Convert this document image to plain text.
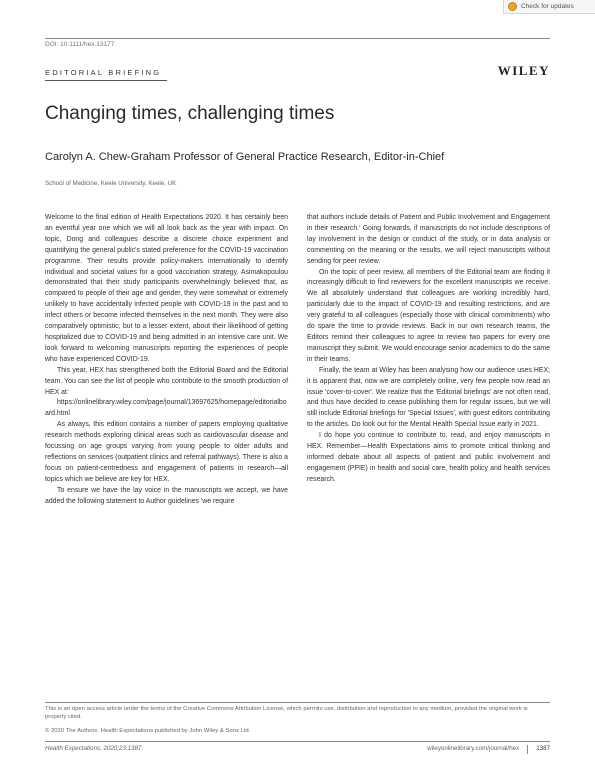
Check for updates
DOI: 10.1111/hex.13177
EDITORIAL BRIEFING	WILEY
Changing times, challenging times
Carolyn A. Chew-Graham Professor of General Practice Research, Editor-in-Chief
School of Medicine, Keele University, Keele, UK

Welcome to the final edition of Health Expectations 2020. It has certainly been an eventful year one which we will all look back as the year with impact. On topic, Dong and colleagues describe a discrete choice experiment and quantifying the general public's stated preference for the COVID-19 vaccination programme. Their results provide policy-makers internationally to identify individual and societal values for a good vaccination strategy. Asimakopoulou demonstrated that their study participants overwhelmingly believed that, as compared to people of their age and gender, they were somewhat or extremely unlikely to have accidentally infected people with COVID-19 in the past and to infect others or become infected themselves in the next month. They were also comparatively optimistic, but to a lesser extent, about their likelihood of getting hospitalized due to COVID-19 and being admitted in an intensive care unit. We look forward to welcoming manuscripts reporting the experiences of people who have experienced COVID-19.

This year, HEX has strengthened both the Editorial Board and the Editorial team. You can see the list of people who contribute to the smooth production of HEX at:

https://onlinelibrary.wiley.com/page/journal/13697625/homepage/editorialboard.html

As always, this edition contains a number of papers employing qualitative research methods exploring clinical areas such as cardiovascular disease and focussing on age groups varying from young people to older adults and reflections on services (outpatient clinics and referral pathways). There is also a focus on patient-centredness and engagement of patients in research—all topics which we believe are key for HEX.

To ensure we have the lay voice in the manuscripts we accept, we have added the following statement to Author guidelines 'we require

that authors include details of Patient and Public Involvement and Engagement in their research.' Going forwards, if manuscripts do not include descriptions of lay involvement in the design or conduct of the study, or in data analysis or commenting on the meaning or the results, we will reject manuscripts without sending for peer review.

On the topic of peer review, all members of the Editorial team are finding it increasingly difficult to find reviewers for the excellent manuscripts we receive. We all absolutely understand that colleagues are working incredibly hard, particularly due to the impact of COVID-19 and resulting restrictions, and are very grateful to all colleagues (especially those with clinical commitments) who do spare the time to provide reviews. Back in our own research teams, the Editors remind their colleagues to agree to review two papers for every one manuscript they submit. We would encourage senior academics to do the same in their teams.

Finally, the team at Wiley has been analysing how our audience uses HEX; it is apparent that, now we are completely online, very few people now read an issue 'cover-to-cover'. We realize that the 'Editorial briefings' are not often read, and thus have decided to cease publishing them for regular issues, but we will still include Editorial briefings for 'Special Issues', with guest editors contributing to the articles. Do look out for the Mental Health Special Issue early in 2021.

I do hope you continue to contribute to, read, and enjoy manuscripts in HEX. Remember—Health Expectations aims to promote critical thinking and informed debate about all aspects of patient and public involvement and engagement (PPIE) in health and social care, health policy and health services research.

This is an open access article under the terms of the Creative Commons Attribution License, which permits use, distribution and reproduction in any medium, provided the original work is properly cited.
© 2020 The Authors. Health Expectations published by John Wiley & Sons Ltd.
Health Expectations. 2020;23:1387.	wileyonlinelibrary.com/journal/hex	1387
